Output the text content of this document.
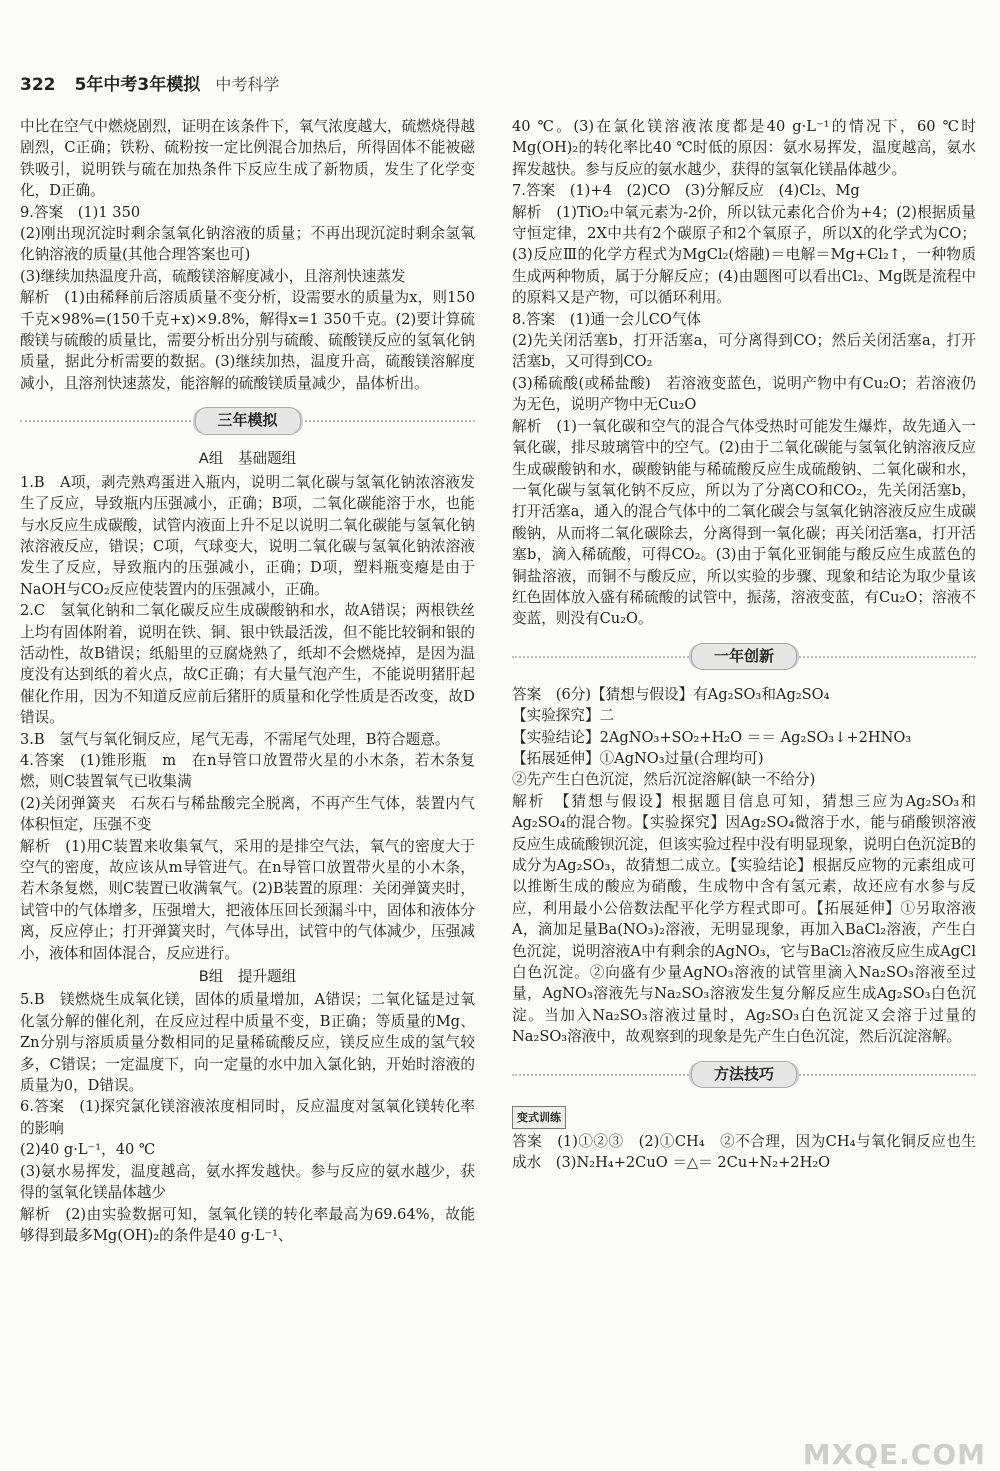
322 5年中考3年模拟 中考科学

中比在空气中燃烧剧烈，证明在该条件下，氧气浓度越大，硫燃烧得越剧烈，C正确；铁粉、硫粉按一定比例混合加热后，所得固体不能被磁铁吸引，说明铁与硫在加热条件下反应生成了新物质，发生了化学变化，D正确。

9.答案　(1)1 350

(2)刚出现沉淀时剩余氢氧化钠溶液的质量；不再出现沉淀时剩余氢氧化钠溶液的质量(其他合理答案也可)

(3)继续加热温度升高，硫酸镁溶解度减小，且溶剂快速蒸发

解析　(1)由稀释前后溶质质量不变分析，设需要水的质量为x，则150千克×98%=(150千克+x)×9.8%，解得x=1 350千克。(2)要计算硫酸镁与硫酸的质量比，需要分析出分别与硫酸、硫酸镁反应的氢氧化钠质量，据此分析需要的数据。(3)继续加热，温度升高，硫酸镁溶解度减小，且溶剂快速蒸发，能溶解的硫酸镁质量减少，晶体析出。

三年模拟
A组　基础题组

1.B　A项，剥壳熟鸡蛋进入瓶内，说明二氧化碳与氢氧化钠浓溶液发生了反应，导致瓶内压强减小，正确；B项，二氧化碳能溶于水，也能与水反应生成碳酸，试管内液面上升不足以说明二氧化碳能与氢氧化钠浓溶液反应，错误；C项，气球变大，说明二氧化碳与氢氧化钠浓溶液发生了反应，导致瓶内的压强减小，正确；D项，塑料瓶变瘪是由于NaOH与CO₂反应使装置内的压强减小，正确。

2.C　氢氧化钠和二氧化碳反应生成碳酸钠和水，故A错误；两根铁丝上均有固体附着，说明在铁、铜、银中铁最活泼，但不能比较铜和银的活动性，故B错误；纸船里的豆腐烧熟了，纸却不会燃烧掉，是因为温度没有达到纸的着火点，故C正确；有大量气泡产生，不能说明猪肝起催化作用，因为不知道反应前后猪肝的质量和化学性质是否改变，故D错误。

3.B　氢气与氧化铜反应，尾气无毒，不需尾气处理，B符合题意。

4.答案　(1)锥形瓶　m　在n导管口放置带火星的小木条，若木条复燃，则C装置氧气已收集满

(2)关闭弹簧夹　石灰石与稀盐酸完全脱离，不再产生气体，装置内气体积恒定，压强不变

解析　(1)用C装置来收集氧气，采用的是排空气法，氧气的密度大于空气的密度，故应该从m导管进气。在n导管口放置带火星的小木条，若木条复燃，则C装置已收满氧气。(2)B装置的原理：关闭弹簧夹时，试管中的气体增多，压强增大，把液体压回长颈漏斗中，固体和液体分离，反应停止；打开弹簧夹时，气体导出，试管中的气体减少，压强减小，液体和固体混合，反应进行。

B组　提升题组

5.B　镁燃烧生成氧化镁，固体的质量增加，A错误；二氧化锰是过氧化氢分解的催化剂，在反应过程中质量不变，B正确；等质量的Mg、Zn分别与溶质质量分数相同的足量稀硫酸反应，镁反应生成的氢气较多，C错误；一定温度下，向一定量的水中加入氯化钠，开始时溶液的质量为0，D错误。

6.答案　(1)探究氯化镁溶液浓度相同时，反应温度对氢氧化镁转化率的影响

(2)40 g·L⁻¹，40 ℃

(3)氨水易挥发，温度越高，氨水挥发越快。参与反应的氨水越少，获得的氢氧化镁晶体越少

解析　(2)由实验数据可知，氢氧化镁的转化率最高为69.64%，故能够得到最多Mg(OH)₂的条件是40 g·L⁻¹、

40 ℃。(3)在氯化镁溶液浓度都是40 g·L⁻¹的情况下，60 ℃时Mg(OH)₂的转化率比40 ℃时低的原因：氨水易挥发，温度越高，氨水挥发越快。参与反应的氨水越少，获得的氢氧化镁晶体越少。

7.答案　(1)+4　(2)CO　(3)分解反应　(4)Cl₂、Mg

解析　(1)TiO₂中氧元素为-2价，所以钛元素化合价为+4；(2)根据质量守恒定律，2X中共有2个碳原子和2个氧原子，所以X的化学式为CO；(3)反应Ⅲ的化学方程式为MgCl₂(熔融)＝电解＝Mg+Cl₂↑，一种物质生成两种物质，属于分解反应；(4)由题图可以看出Cl₂、Mg既是流程中的原料又是产物，可以循环利用。

8.答案　(1)通一会儿CO气体

(2)先关闭活塞b，打开活塞a，可分离得到CO；然后关闭活塞a，打开活塞b，又可得到CO₂

(3)稀硫酸(或稀盐酸)　若溶液变蓝色，说明产物中有Cu₂O；若溶液仍为无色，说明产物中无Cu₂O

解析　(1)一氧化碳和空气的混合气体受热时可能发生爆炸，故先通入一氧化碳，排尽玻璃管中的空气。(2)由于二氧化碳能与氢氧化钠溶液反应生成碳酸钠和水，碳酸钠能与稀硫酸反应生成硫酸钠、二氧化碳和水，一氧化碳与氢氧化钠不反应，所以为了分离CO和CO₂，先关闭活塞b，打开活塞a，通入的混合气体中的二氧化碳会与氢氧化钠溶液反应生成碳酸钠，从而将二氧化碳除去，分离得到一氧化碳；再关闭活塞a，打开活塞b，滴入稀硫酸，可得CO₂。(3)由于氧化亚铜能与酸反应生成蓝色的铜盐溶液，而铜不与酸反应，所以实验的步骤、现象和结论为取少量该红色固体放入盛有稀硫酸的试管中，振荡，溶液变蓝，有Cu₂O；溶液不变蓝，则没有Cu₂O。

一年创新

答案　(6分)【猜想与假设】有Ag₂SO₃和Ag₂SO₄

【实验探究】二

【实验结论】2AgNO₃+SO₂+H₂O ＝＝ Ag₂SO₃↓+2HNO₃

【拓展延伸】①AgNO₃过量(合理均可)

②先产生白色沉淀，然后沉淀溶解(缺一不给分)

解析　【猜想与假设】根据题目信息可知，猜想三应为Ag₂SO₃和Ag₂SO₄的混合物。【实验探究】因Ag₂SO₄微溶于水，能与硝酸钡溶液反应生成硫酸钡沉淀，但该实验过程中没有明显现象，说明白色沉淀B的成分为Ag₂SO₃，故猜想二成立。【实验结论】根据反应物的元素组成可以推断生成的酸应为硝酸，生成物中含有氢元素，故还应有水参与反应，利用最小公倍数法配平化学方程式即可。【拓展延伸】①另取溶液A，滴加足量Ba(NO₃)₂溶液，无明显现象，再加入BaCl₂溶液，产生白色沉淀，说明溶液A中有剩余的AgNO₃，它与BaCl₂溶液反应生成AgCl白色沉淀。②向盛有少量AgNO₃溶液的试管里滴入Na₂SO₃溶液至过量，AgNO₃溶液先与Na₂SO₃溶液发生复分解反应生成Ag₂SO₃白色沉淀。当加入Na₂SO₃溶液过量时，Ag₂SO₃白色沉淀又会溶于过量的Na₂SO₃溶液中，故观察到的现象是先产生白色沉淀，然后沉淀溶解。

方法技巧
变式训练

答案　(1)①②③　(2)①CH₄　②不合理，因为CH₄与氧化铜反应也生成水　(3)N₂H₄+2CuO ＝△＝ 2Cu+N₂+2H₂O

MXQE.COM
